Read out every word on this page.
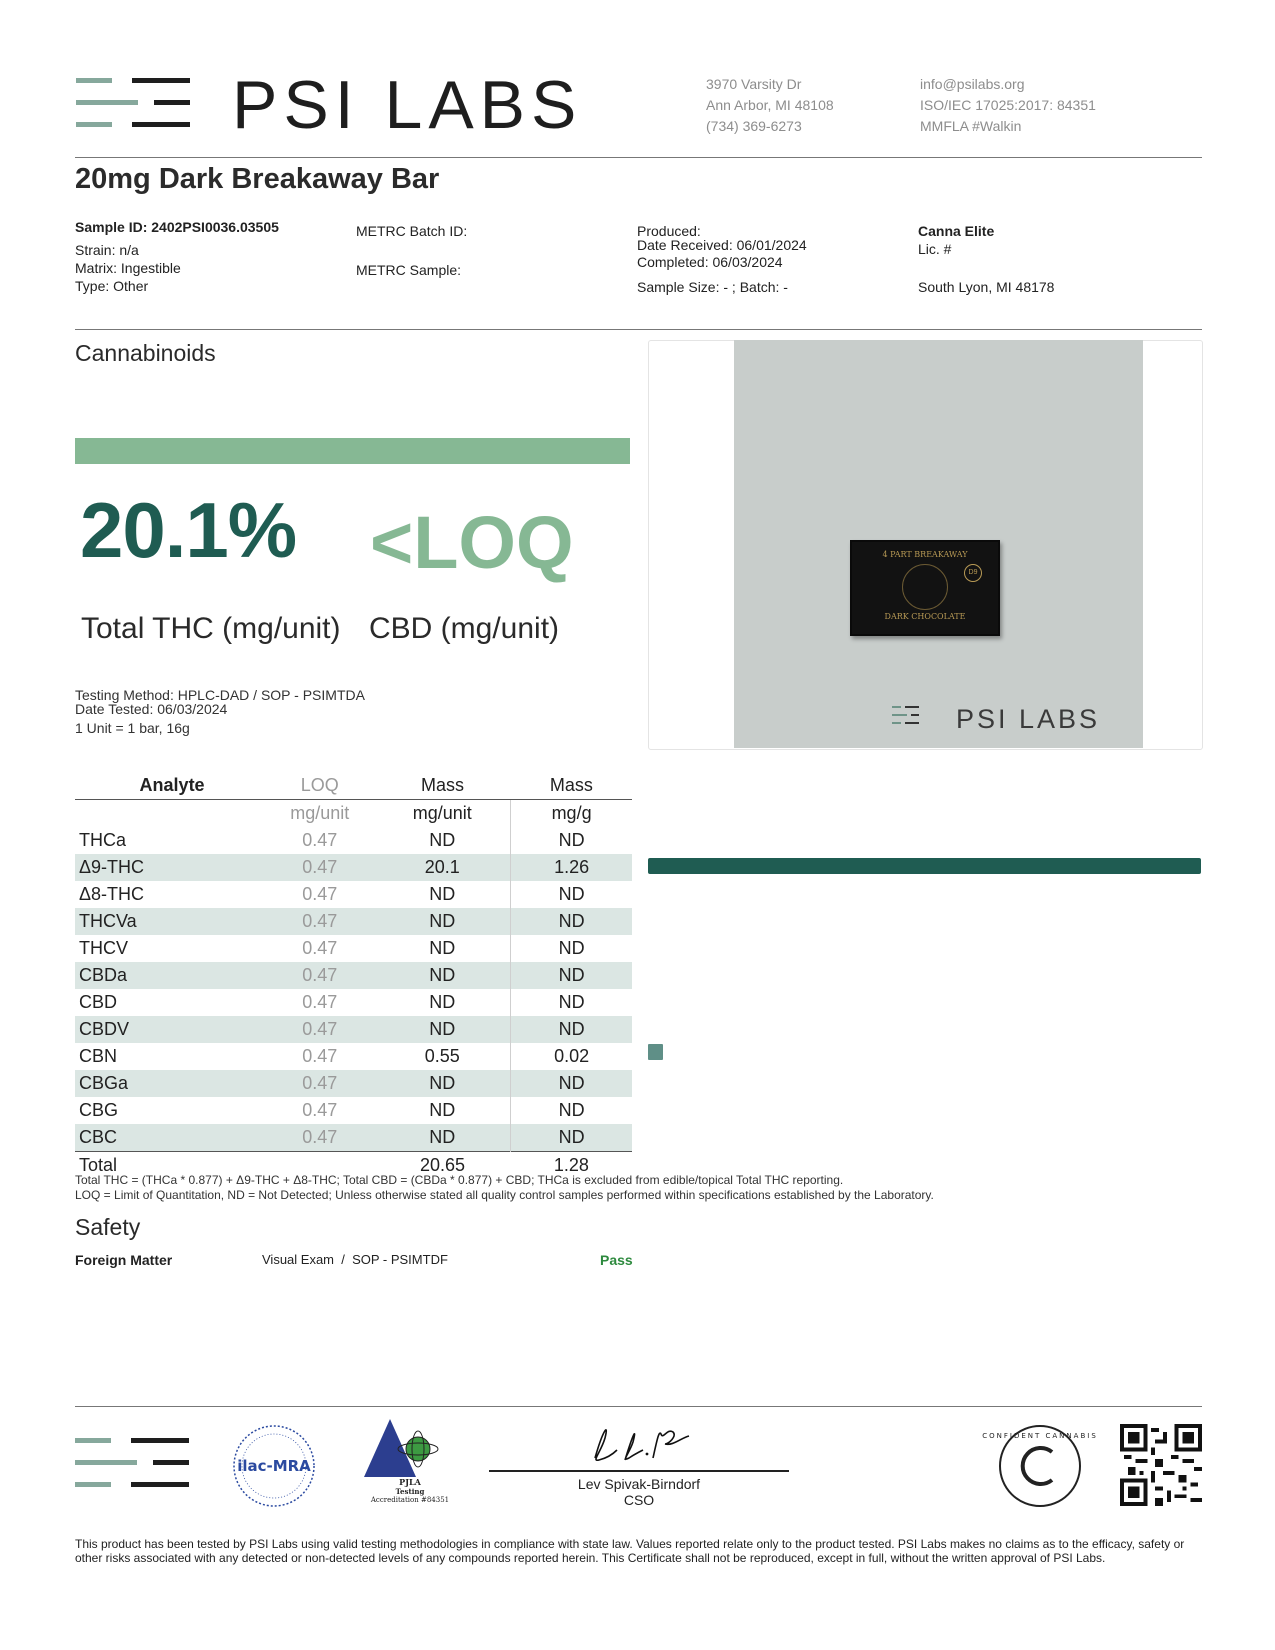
PSI LABS	3970 Varsity Dr
Ann Arbor, MI 48108
(734) 369-6273
info@psilabs.org
ISO/IEC 17025:2017: 84351
MMFLA #Walkin
20mg Dark Breakaway Bar
Sample ID: 2402PSI0036.03505
Strain: n/a
Matrix: Ingestible
Type: Other
METRC Batch ID:
METRC Sample:
Produced:
Date Received: 06/01/2024
Completed: 06/03/2024
Sample Size: - ; Batch: -
Canna Elite
Lic. #
South Lyon, MI 48178
Cannabinoids
20.1% <LOQ
Total THC (mg/unit) CBD (mg/unit)
Testing Method: HPLC-DAD / SOP - PSIMTDA
Date Tested: 06/03/2024
1 Unit = 1 bar, 16g
4 PART BREAKAWAY
D9
DARK CHOCOLATE
PSI LABS
Analyte	LOQ	Mass	Mass
	mg/unit	mg/unit	mg/g
THCa	0.47	ND	ND
Δ9-THC	0.47	20.1	1.26
Δ8-THC	0.47	ND	ND
THCVa	0.47	ND	ND
THCV	0.47	ND	ND
CBDa	0.47	ND	ND
CBD	0.47	ND	ND
CBDV	0.47	ND	ND
CBN	0.47	0.55	0.02
CBGa	0.47	ND	ND
CBG	0.47	ND	ND
CBC	0.47	ND	ND
Total		20.65	1.28
Total THC = (THCa * 0.877) + Δ9-THC + Δ8-THC; Total CBD = (CBDa * 0.877) + CBD; THCa is excluded from edible/topical Total THC reporting.
LOQ = Limit of Quantitation, ND = Not Detected; Unless otherwise stated all quality control samples performed within specifications established by the Laboratory.
Safety
Foreign Matter	Visual Exam  /  SOP - PSIMTDF	Pass
ilac-MRA
PJLA
Testing
Accreditation #84351
Lev Spivak-Birndorf
CSO
CONFIDENT CANNABIS
This product has been tested by PSI Labs using valid testing methodologies in compliance with state law. Values reported relate only to the product tested. PSI Labs makes no claims as to the efficacy, safety or other risks associated with any detected or non-detected levels of any compounds reported herein. This Certificate shall not be reproduced, except in full, without the written approval of PSI Labs.
